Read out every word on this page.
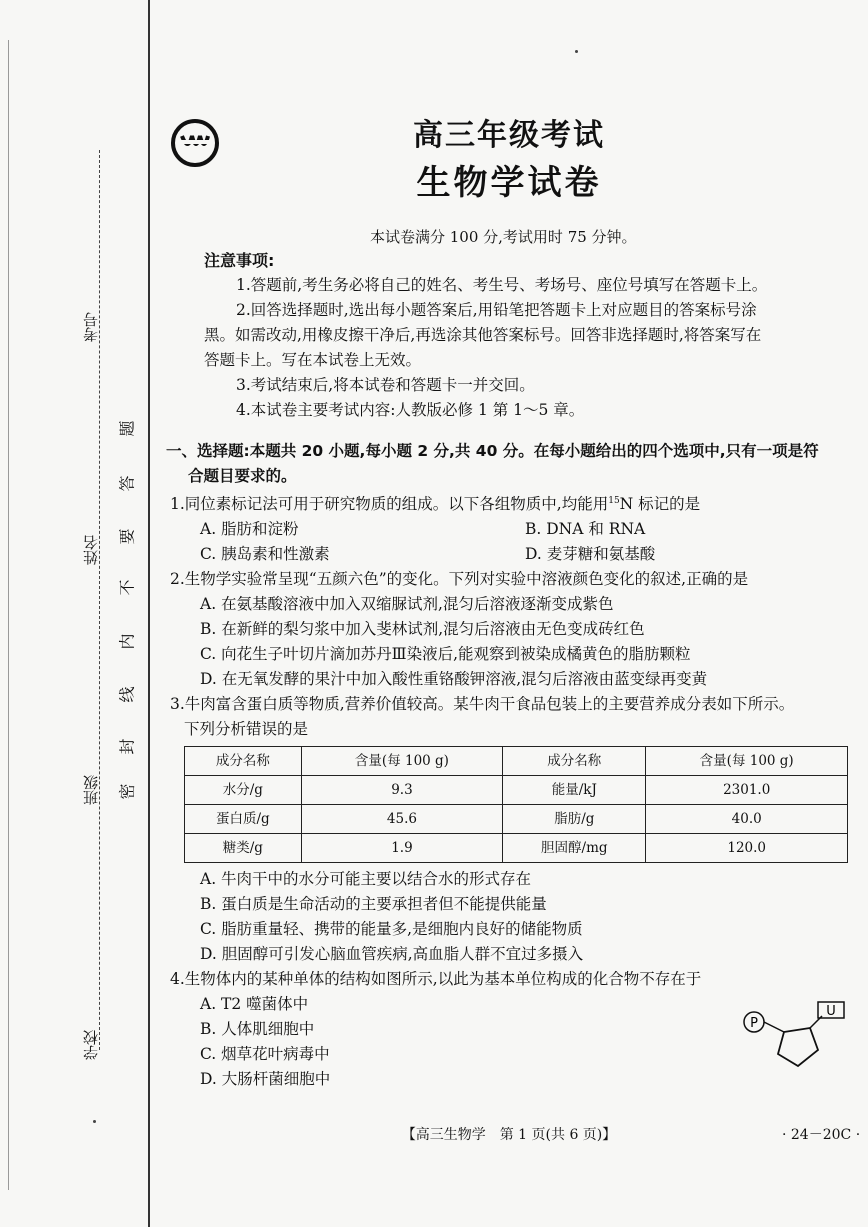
考号
姓名
班级
学校
题
答
要
不
内
线
封
密
高三年级考试
生物学试卷
本试卷满分 100 分,考试用时 75 分钟。
注意事项:
1.答题前,考生务必将自己的姓名、考生号、考场号、座位号填写在答题卡上。
2.回答选择题时,选出每小题答案后,用铅笔把答题卡上对应题目的答案标号涂
黑。如需改动,用橡皮擦干净后,再选涂其他答案标号。回答非选择题时,将答案写在
答题卡上。写在本试卷上无效。
3.考试结束后,将本试卷和答题卡一并交回。
4.本试卷主要考试内容:人教版必修 1 第 1～5 章。
一、选择题:本题共 20 小题,每小题 2 分,共 40 分。在每小题给出的四个选项中,只有一项是符
合题目要求的。
1.同位素标记法可用于研究物质的组成。以下各组物质中,均能用$^{15}$N 标记的是
A. 脂肪和淀粉	B. DNA 和 RNA
C. 胰岛素和性激素	D. 麦芽糖和氨基酸
2.生物学实验常呈现“五颜六色”的变化。下列对实验中溶液颜色变化的叙述,正确的是
A. 在氨基酸溶液中加入双缩脲试剂,混匀后溶液逐渐变成紫色
B. 在新鲜的梨匀浆中加入斐林试剂,混匀后溶液由无色变成砖红色
C. 向花生子叶切片滴加苏丹Ⅲ染液后,能观察到被染成橘黄色的脂肪颗粒
D. 在无氧发酵的果汁中加入酸性重铬酸钾溶液,混匀后溶液由蓝变绿再变黄
3.牛肉富含蛋白质等物质,营养价值较高。某牛肉干食品包装上的主要营养成分表如下所示。
下列分析错误的是
成分名称	含量(每 100 g)	成分名称	含量(每 100 g)
水分/g	9.3	能量/kJ	2301.0
蛋白质/g	45.6	脂肪/g	40.0
糖类/g	1.9	胆固醇/mg	120.0
A. 牛肉干中的水分可能主要以结合水的形式存在
B. 蛋白质是生命活动的主要承担者但不能提供能量
C. 脂肪重量轻、携带的能量多,是细胞内良好的储能物质
D. 胆固醇可引发心脑血管疾病,高血脂人群不宜过多摄入
4.生物体内的某种单体的结构如图所示,以此为基本单位构成的化合物不存在于
A. T2 噬菌体中
B. 人体肌细胞中
C. 烟草花叶病毒中
D. 大肠杆菌细胞中
P
U
【高三生物学　第 1 页(共 6 页)】	· 24－20C ·
